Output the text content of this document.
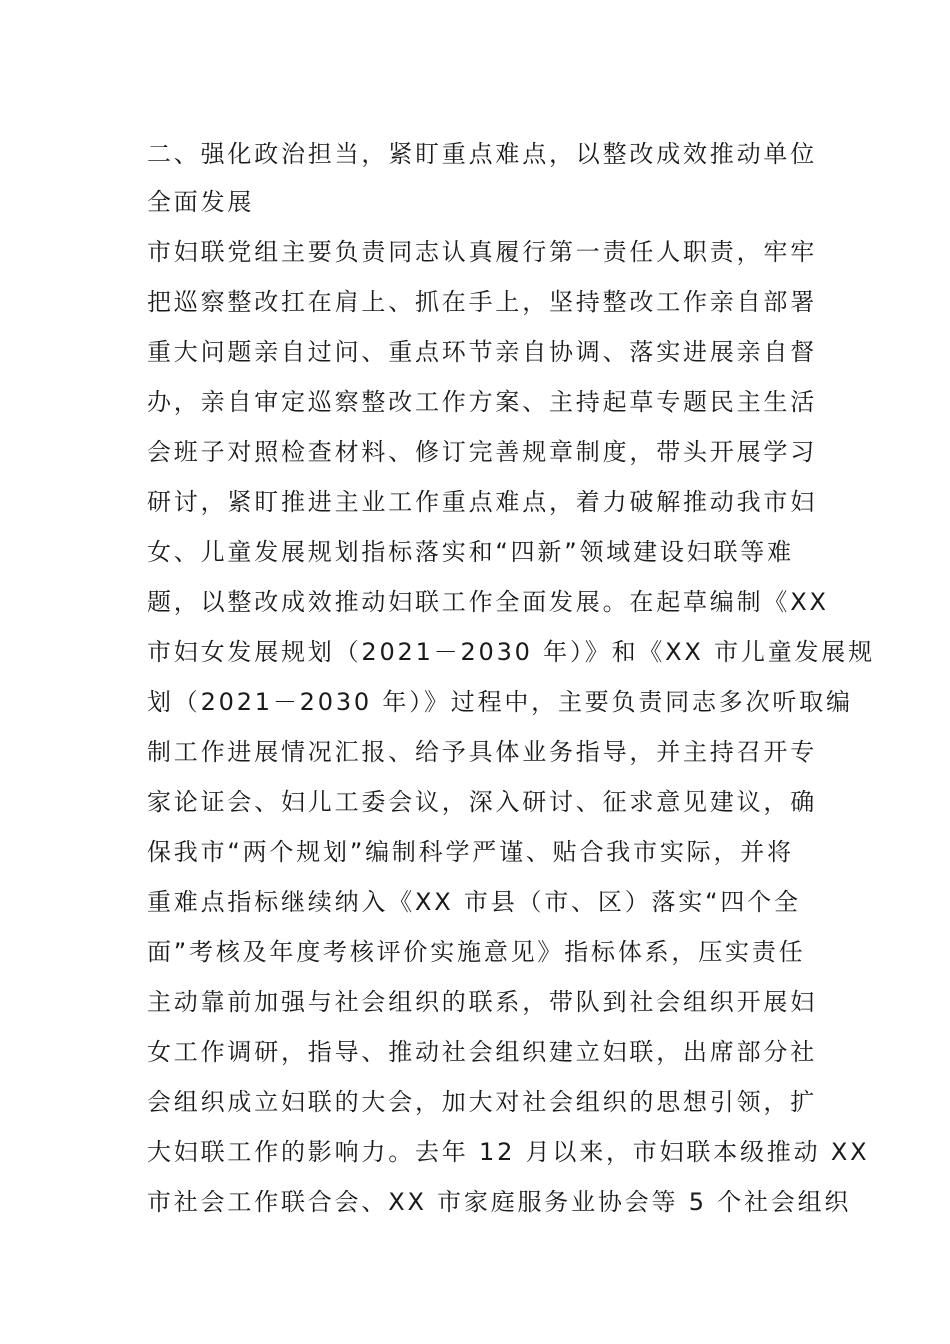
二、强化政治担当，紧盯重点难点，以整改成效推动单位
全面发展
市妇联党组主要负责同志认真履行第一责任人职责，牢牢
把巡察整改扛在肩上、抓在手上，坚持整改工作亲自部署
重大问题亲自过问、重点环节亲自协调、落实进展亲自督
办，亲自审定巡察整改工作方案、主持起草专题民主生活
会班子对照检查材料、修订完善规章制度，带头开展学习
研讨，紧盯推进主业工作重点难点，着力破解推动我市妇
女、儿童发展规划指标落实和“四新”领域建设妇联等难
题，以整改成效推动妇联工作全面发展。在起草编制《XX
市妇女发展规划（2021－2030 年）》和《XX 市儿童发展规
划（2021－2030 年）》过程中，主要负责同志多次听取编
制工作进展情况汇报、给予具体业务指导，并主持召开专
家论证会、妇儿工委会议，深入研讨、征求意见建议，确
保我市“两个规划”编制科学严谨、贴合我市实际，并将
重难点指标继续纳入《XX 市县（市、区）落实“四个全
面”考核及年度考核评价实施意见》指标体系，压实责任
主动靠前加强与社会组织的联系，带队到社会组织开展妇
女工作调研，指导、推动社会组织建立妇联，出席部分社
会组织成立妇联的大会，加大对社会组织的思想引领，扩
大妇联工作的影响力。去年 12 月以来，市妇联本级推动 XX
市社会工作联合会、XX 市家庭服务业协会等 5 个社会组织
